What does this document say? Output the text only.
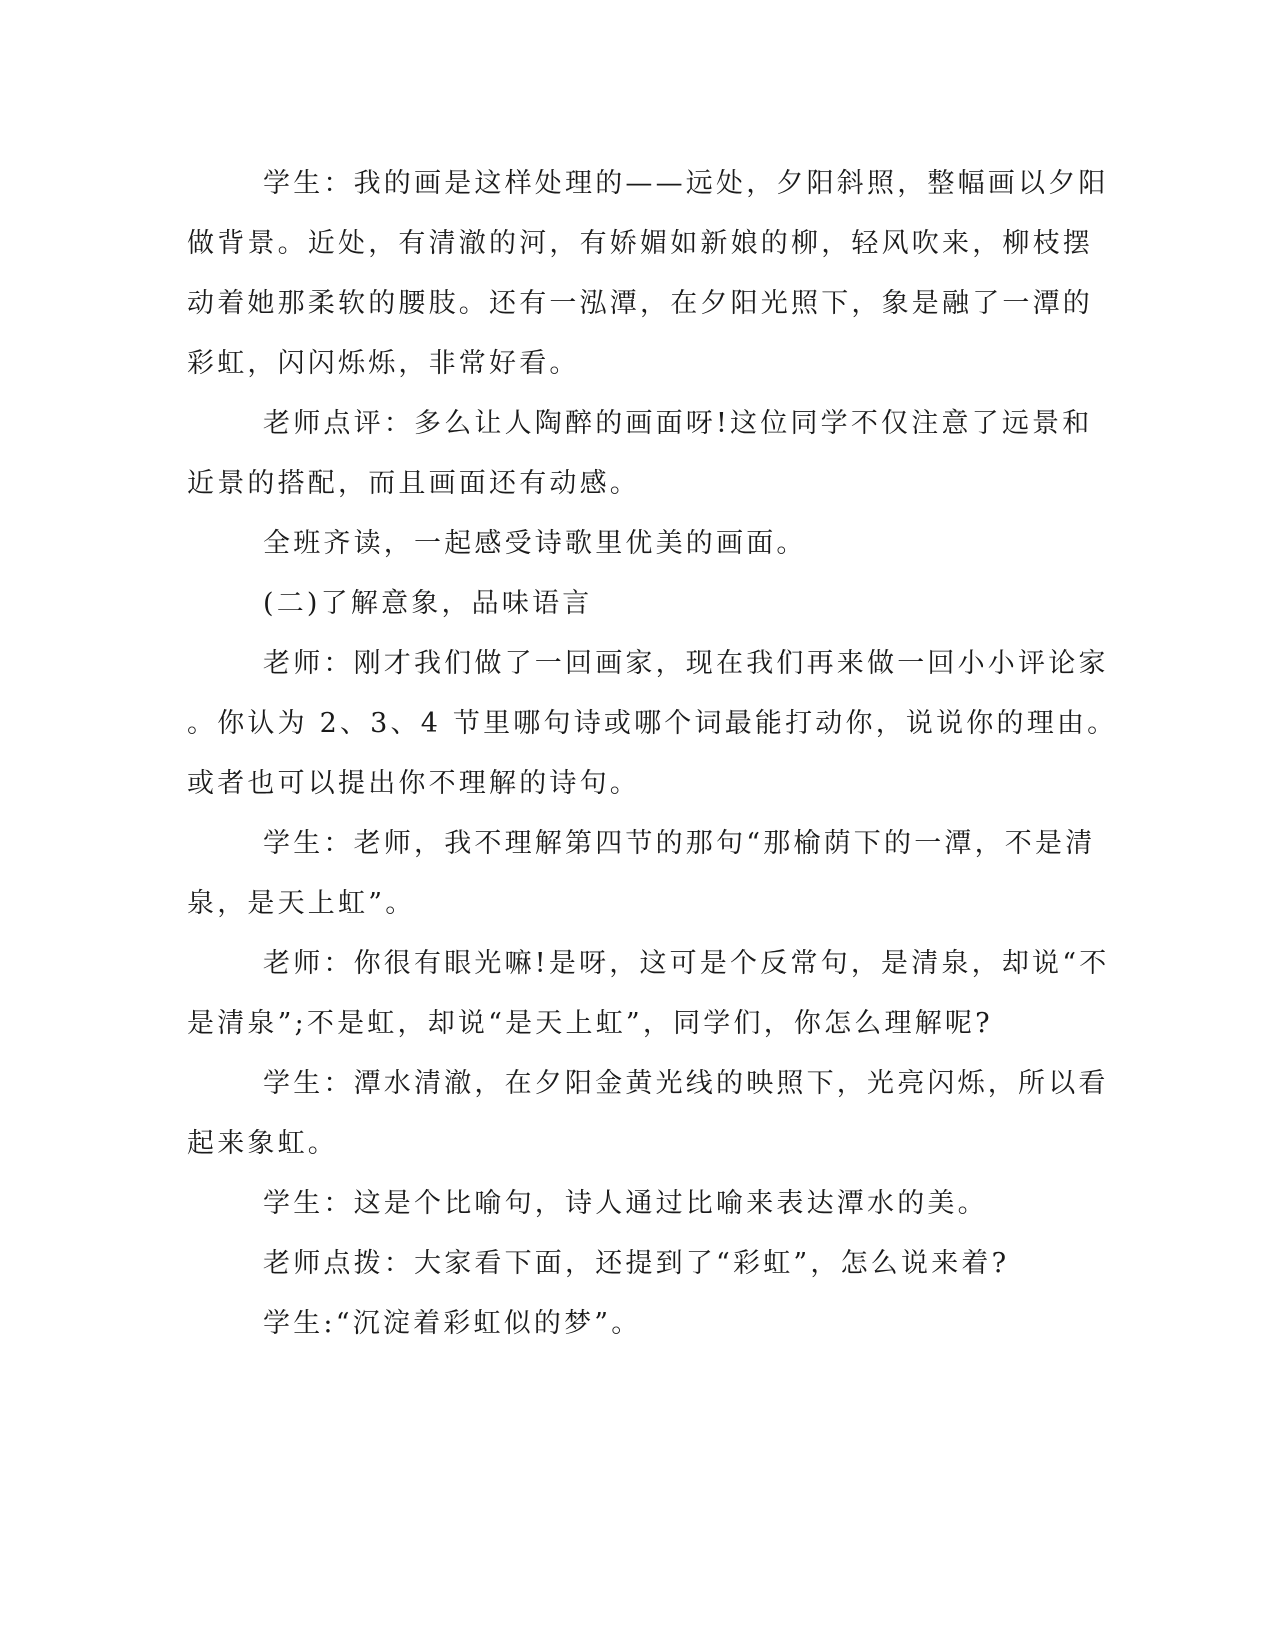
学生：我的画是这样处理的——远处，夕阳斜照，整幅画以夕阳

做背景。近处，有清澈的河，有娇媚如新娘的柳，轻风吹来，柳枝摆

动着她那柔软的腰肢。还有一泓潭，在夕阳光照下，象是融了一潭的

彩虹，闪闪烁烁，非常好看。

老师点评：多么让人陶醉的画面呀!这位同学不仅注意了远景和

近景的搭配，而且画面还有动感。

全班齐读，一起感受诗歌里优美的画面。

(二)了解意象，品味语言

老师：刚才我们做了一回画家，现在我们再来做一回小小评论家

。你认为 2、3、4 节里哪句诗或哪个词最能打动你，说说你的理由。

或者也可以提出你不理解的诗句。

学生：老师，我不理解第四节的那句“那榆荫下的一潭，不是清

泉，是天上虹”。

老师：你很有眼光嘛!是呀，这可是个反常句，是清泉，却说“不

是清泉”;不是虹，却说“是天上虹”，同学们，你怎么理解呢?

学生：潭水清澈，在夕阳金黄光线的映照下，光亮闪烁，所以看

起来象虹。

学生：这是个比喻句，诗人通过比喻来表达潭水的美。

老师点拨：大家看下面，还提到了“彩虹”，怎么说来着?

学生:“沉淀着彩虹似的梦”。
